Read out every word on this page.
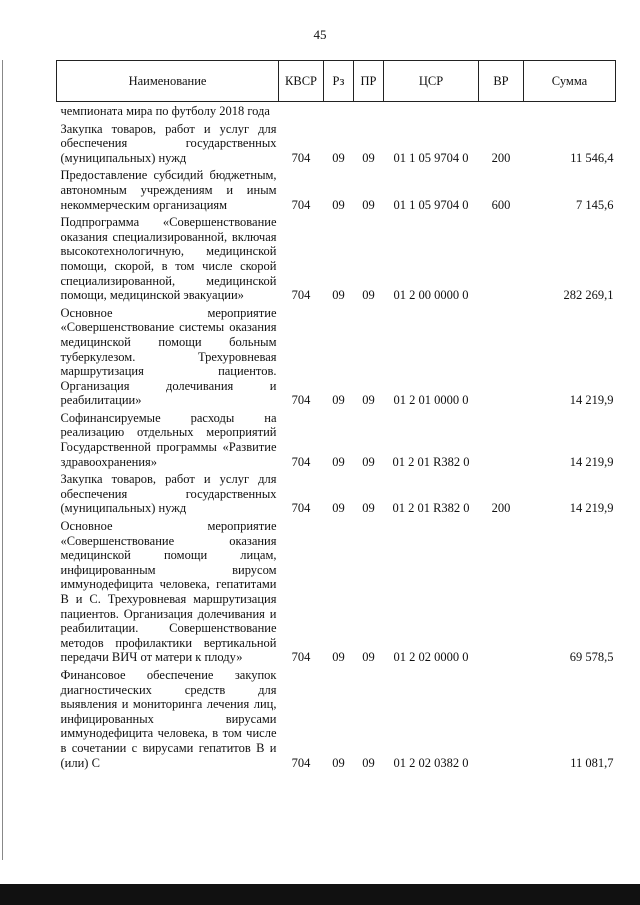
45
Наименование	КВСР	Рз	ПР	ЦСР	ВР	Сумма
чемпионата мира по футболу 2018 года						
Закупка товаров, работ и услуг для обеспечения государственных (муниципальных) нужд	704	09	09	01 1 05 9704 0	200	11 546,4
Предоставление субсидий бюджетным, автономным учреждениям и иным некоммерческим организациям	704	09	09	01 1 05 9704 0	600	7 145,6
Подпрограмма «Совершенствование оказания специализированной, включая высокотехнологичную, медицинской помощи, скорой, в том числе скорой специализированной, медицинской помощи, медицинской эвакуации»	704	09	09	01 2 00 0000 0		282 269,1
Основное мероприятие «Совершенствование системы оказания медицинской помощи больным туберкулезом. Трехуровневая маршрутизация пациентов. Организация долечивания и реабилитации»	704	09	09	01 2 01 0000 0		14 219,9
Софинансируемые расходы на реализацию отдельных мероприятий Государственной программы «Развитие здравоохранения»	704	09	09	01 2 01 R382 0		14 219,9
Закупка товаров, работ и услуг для обеспечения государственных (муниципальных) нужд	704	09	09	01 2 01 R382 0	200	14 219,9
Основное мероприятие «Совершенствование оказания медицинской помощи лицам, инфицированным вирусом иммунодефицита человека, гепатитами B и C. Трехуровневая маршрутизация пациентов. Организация долечивания и реабилитации. Совершенствование методов профилактики вертикальной передачи ВИЧ от матери к плоду»	704	09	09	01 2 02 0000 0		69 578,5
Финансовое обеспечение закупок диагностических средств для выявления и мониторинга лечения лиц, инфицированных вирусами иммунодефицита человека, в том числе в сочетании с вирусами гепатитов B и (или) C	704	09	09	01 2 02 0382 0		11 081,7
